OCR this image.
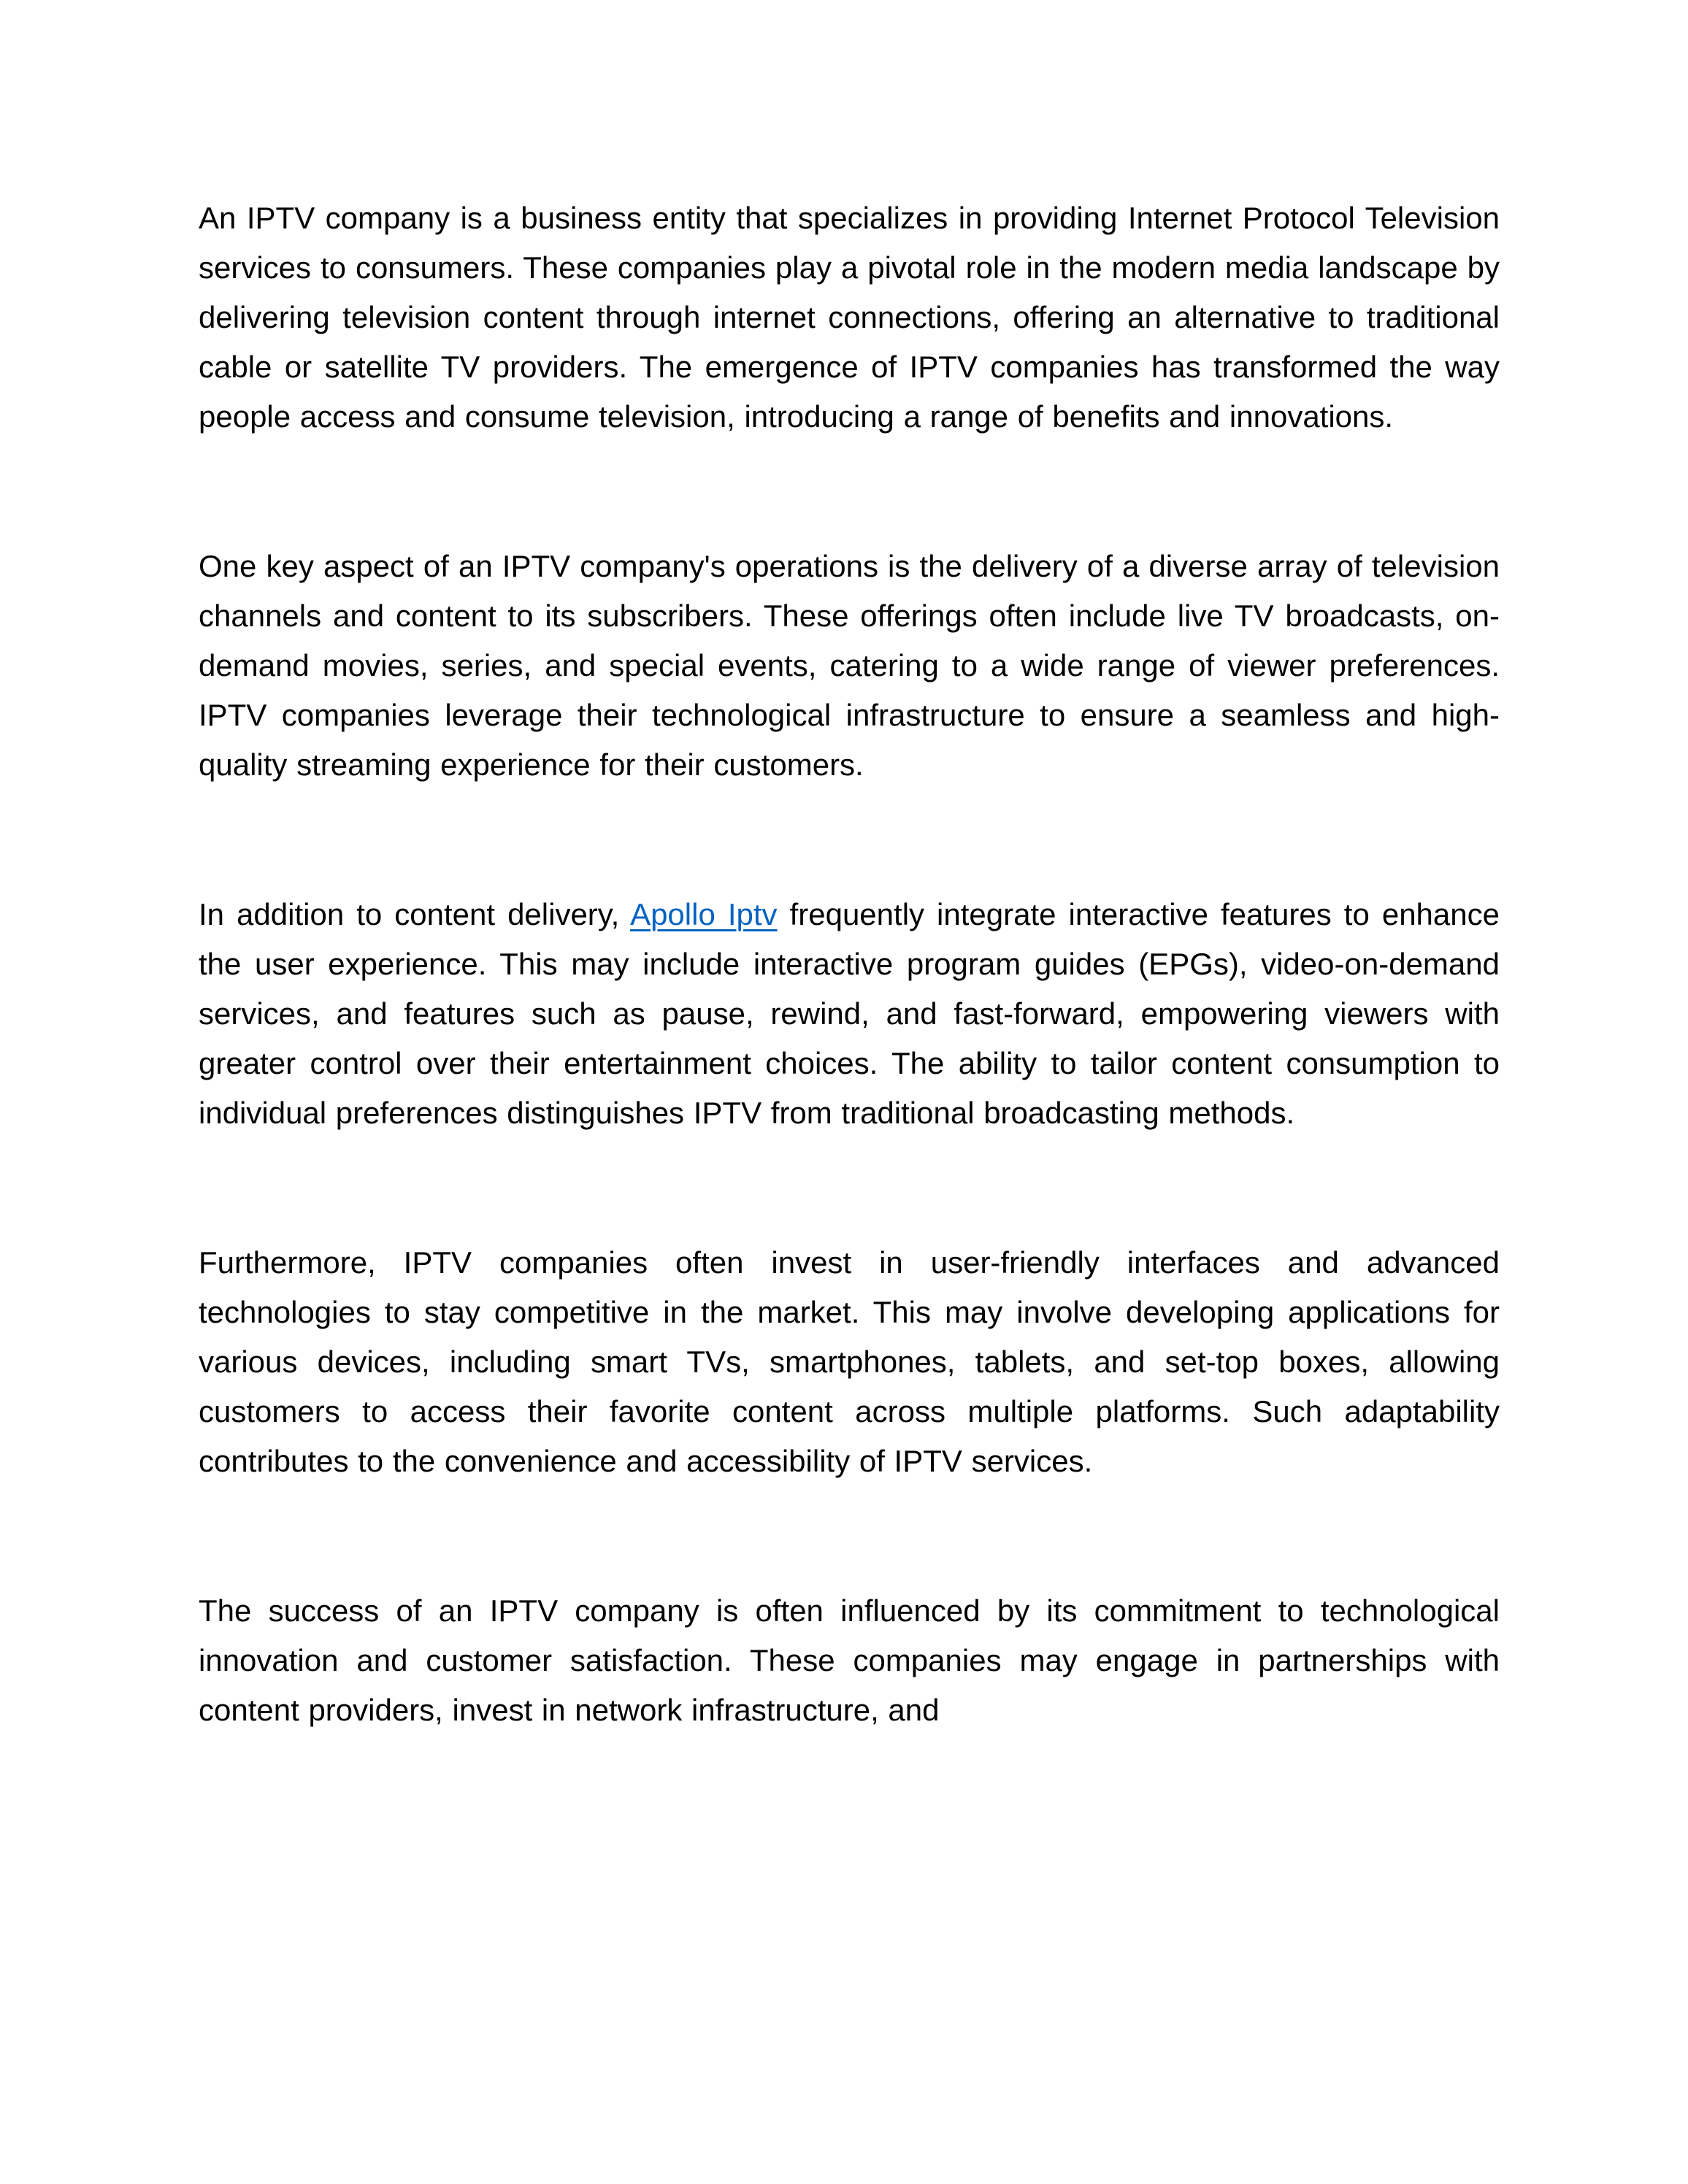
An IPTV company is a business entity that specializes in providing Internet Protocol Television services to consumers. These companies play a pivotal role in the modern media landscape by delivering television content through internet connections, offering an alternative to traditional cable or satellite TV providers. The emergence of IPTV companies has transformed the way people access and consume television, introducing a range of benefits and innovations.

One key aspect of an IPTV company's operations is the delivery of a diverse array of television channels and content to its subscribers. These offerings often include live TV broadcasts, on-demand movies, series, and special events, catering to a wide range of viewer preferences. IPTV companies leverage their technological infrastructure to ensure a seamless and high-quality streaming experience for their customers.

In addition to content delivery, Apollo Iptv frequently integrate interactive features to enhance the user experience. This may include interactive program guides (EPGs), video-on-demand services, and features such as pause, rewind, and fast-forward, empowering viewers with greater control over their entertainment choices. The ability to tailor content consumption to individual preferences distinguishes IPTV from traditional broadcasting methods.

Furthermore, IPTV companies often invest in user-friendly interfaces and advanced technologies to stay competitive in the market. This may involve developing applications for various devices, including smart TVs, smartphones, tablets, and set-top boxes, allowing customers to access their favorite content across multiple platforms. Such adaptability contributes to the convenience and accessibility of IPTV services.

The success of an IPTV company is often influenced by its commitment to technological innovation and customer satisfaction. These companies may engage in partnerships with content providers, invest in network infrastructure, and
